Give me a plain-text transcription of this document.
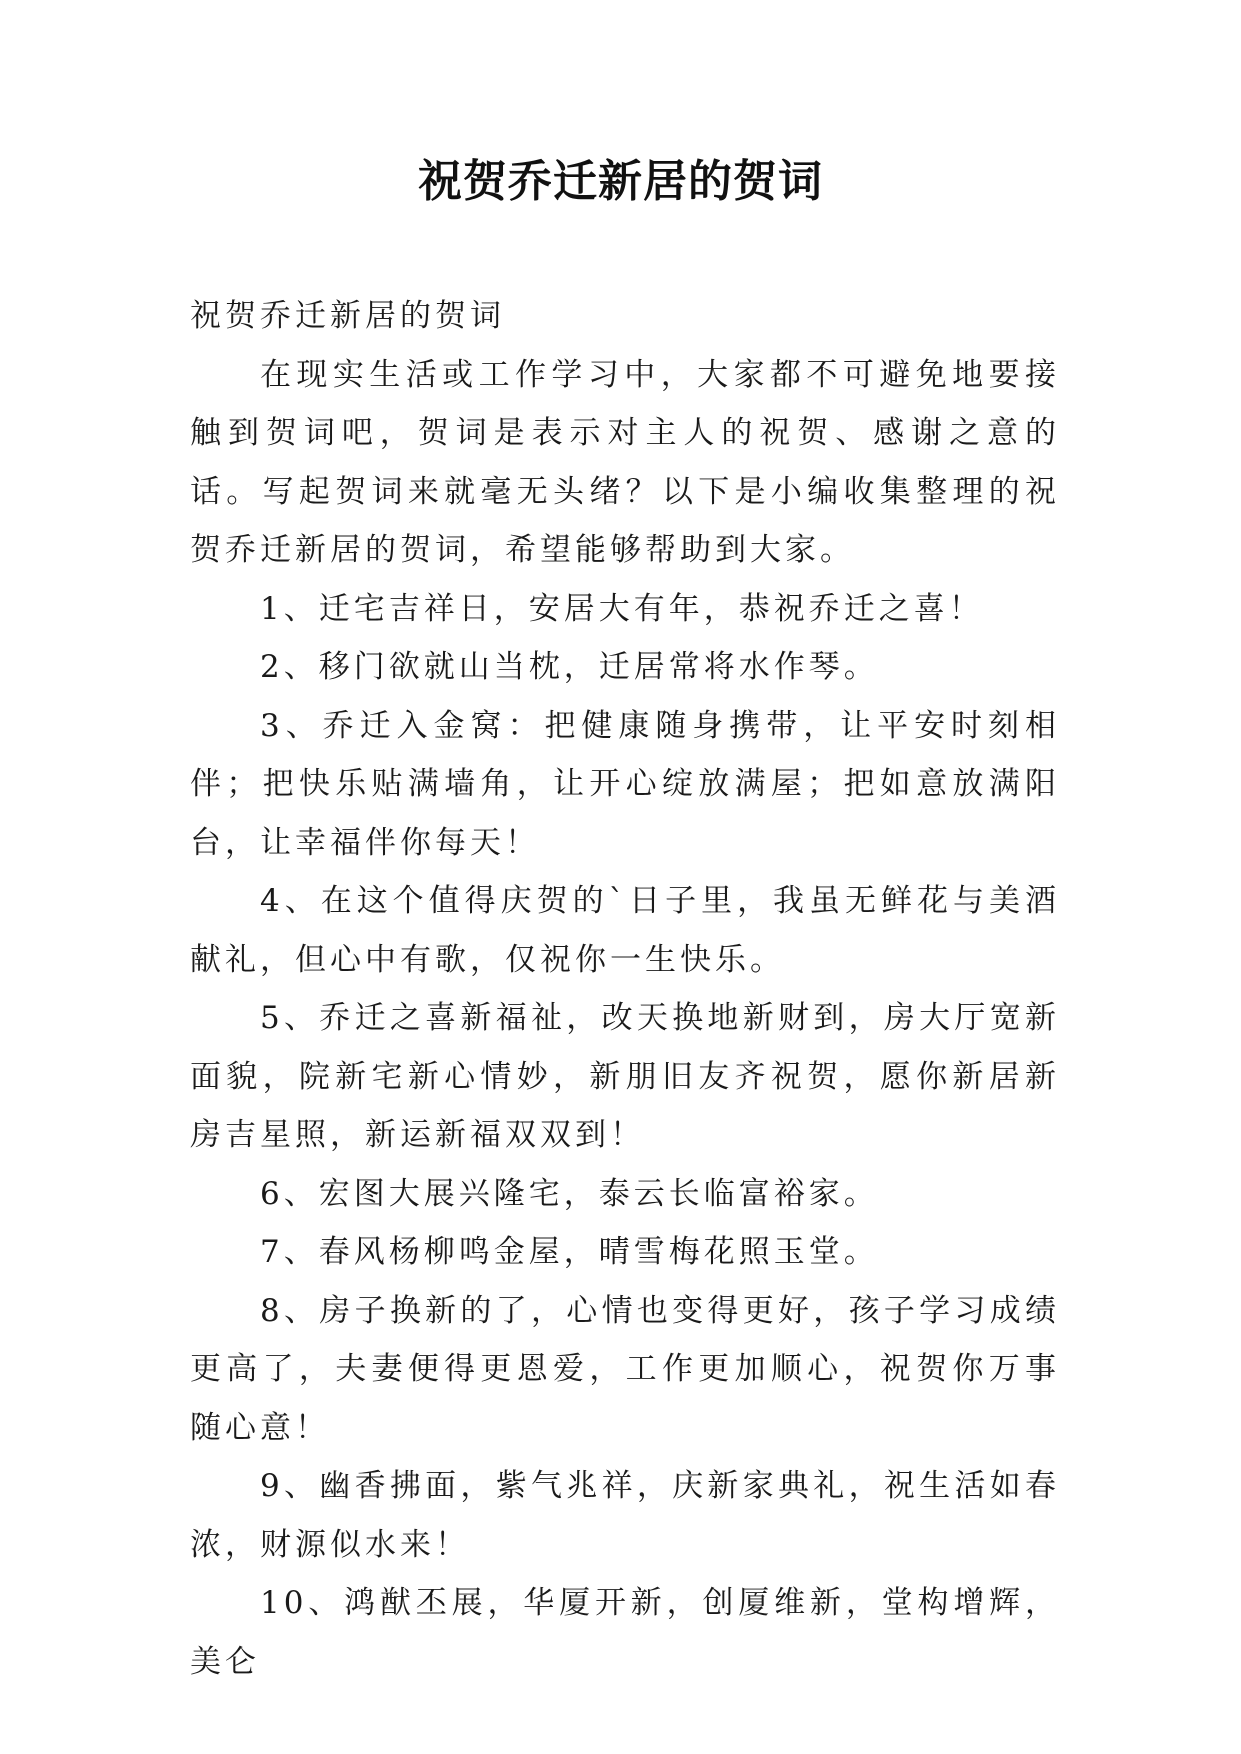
祝贺乔迁新居的贺词

祝贺乔迁新居的贺词

在现实生活或工作学习中，大家都不可避免地要接触到贺词吧，贺词是表示对主人的祝贺、感谢之意的话。写起贺词来就毫无头绪？以下是小编收集整理的祝贺乔迁新居的贺词，希望能够帮助到大家。

1、迁宅吉祥日，安居大有年，恭祝乔迁之喜！

2、移门欲就山当枕，迁居常将水作琴。

3、乔迁入金窝：把健康随身携带，让平安时刻相伴；把快乐贴满墙角，让开心绽放满屋；把如意放满阳台，让幸福伴你每天！

4、在这个值得庆贺的`日子里，我虽无鲜花与美酒献礼，但心中有歌，仅祝你一生快乐。

5、乔迁之喜新福祉，改天换地新财到，房大厅宽新面貌，院新宅新心情妙，新朋旧友齐祝贺，愿你新居新房吉星照，新运新福双双到！

6、宏图大展兴隆宅，泰云长临富裕家。

7、春风杨柳鸣金屋，晴雪梅花照玉堂。

8、房子换新的了，心情也变得更好，孩子学习成绩更高了，夫妻便得更恩爱，工作更加顺心，祝贺你万事随心意！

9、幽香拂面，紫气兆祥，庆新家典礼，祝生活如春浓，财源似水来！

10、鸿猷丕展，华厦开新，创厦维新，堂构增辉，美仑
